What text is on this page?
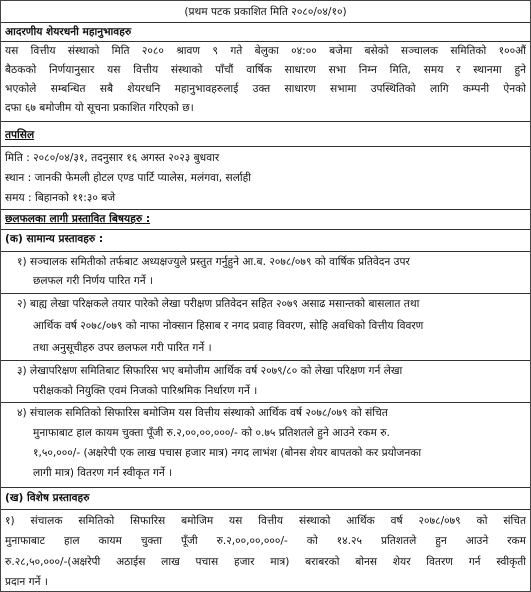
(प्रथम पटक प्रकाशित मिति २०८०/०४/१०)
आदरणीय शेयरधनी महानुभावहरु
यस वित्तीय संस्थाको मिति २०८० श्रावण ९ गते बेलुका ०४:०० बजेमा बसेको सञ्चालक समितिको १००औं
बैठकको निर्णयानुसार यस वित्तीय संस्थाको पाँचौं वार्षिक साधारण सभा निम्न मिति, समय र स्थानमा हुने
भएकोले सम्बन्धित सबै शेयरधनि महानुभावहरुलाई उक्त साधारण सभामा उपस्थितिको लागि कम्पनी ऐनको
दफा ६७ बमोजीम यो सूचना प्रकाशित गरिएको छ।
तपसिल
मिति : २०८०/०४/३१, तदनुसार १६ अगस्त २०२३ बुधवार
स्थान : जानकी फेमली होटल एण्ड पार्टि प्यालेस, मलंगवा, सर्लाही
समय : बिहानको ११:३० बजे
छलफलका लागी प्रस्तावित बिषयहरु :
(क) सामान्य प्रस्तावहरु :
१) सञ्चालक समितीको तर्फबाट अध्यक्षज्युले प्रस्तुत गर्नुहुने आ.ब. २०७८/०७९ को वार्षिक प्रतिवेदन उपर
छलफल गरी निर्णय पारित गर्ने ।
२) बाह्य लेखा परिक्षकले तयार पारेको लेखा परीक्षण प्रतिवेदन सहित २०७९ असाढ मसान्तको बासलात तथा
आर्थिक वर्ष २०७८/०७९ को नाफा नोक्सान हिसाब र नगद प्रवाह विवरण, सोहि अवधिको वित्तीय विवरण
तथा अनुसूचीहरु उपर छलफल गरी पारित गर्ने ।
३) लेखापरिक्षण समितिबाट सिफारिस भए बमोजीम आर्थिक वर्ष २०७९/८० को लेखा परिक्षण गर्न लेखा
परीक्षकको नियुक्ति एवमं निजको पारिश्रमिक निर्धारण गर्ने ।
४) संचालक समितिको सिफारिस बमोजिम यस वित्तीय संस्थाको आर्थिक वर्ष २०७८/०७९ को संचित
मुनाफाबाट हाल कायम चुक्ता पूँजी रु.२,००,००,०००/- को ०.७५ प्रतिशतले हुने आउने रकम रु.
१,५०,०००/- (अक्षरेपी एक लाख पचास हजार मात्र) नगद लाभंश (बोनस शेयर बापतको कर प्रयोजनका
लागी मात्र) वितरण गर्न स्वीकृत गर्ने ।
(ख) विशेष प्रस्तावहरु
१) संचालक समितिको सिफारिस बमोजिम यस वित्तीय संस्थाको आर्थिक वर्ष २०७८/०७९ को संचित
मुनाफाबाट हाल कायम चुक्ता पूँजी रु.२,००,००,०००/- को १४.२५ प्रतिशतले हुन आउने रकम
रु.२८,५०,०००/-(अक्षरेपी अठाईस लाख पचास हजार मात्र) बराबरको बोनस शेयर वितरण गर्न स्वीकृती
प्रदान गर्ने ।
